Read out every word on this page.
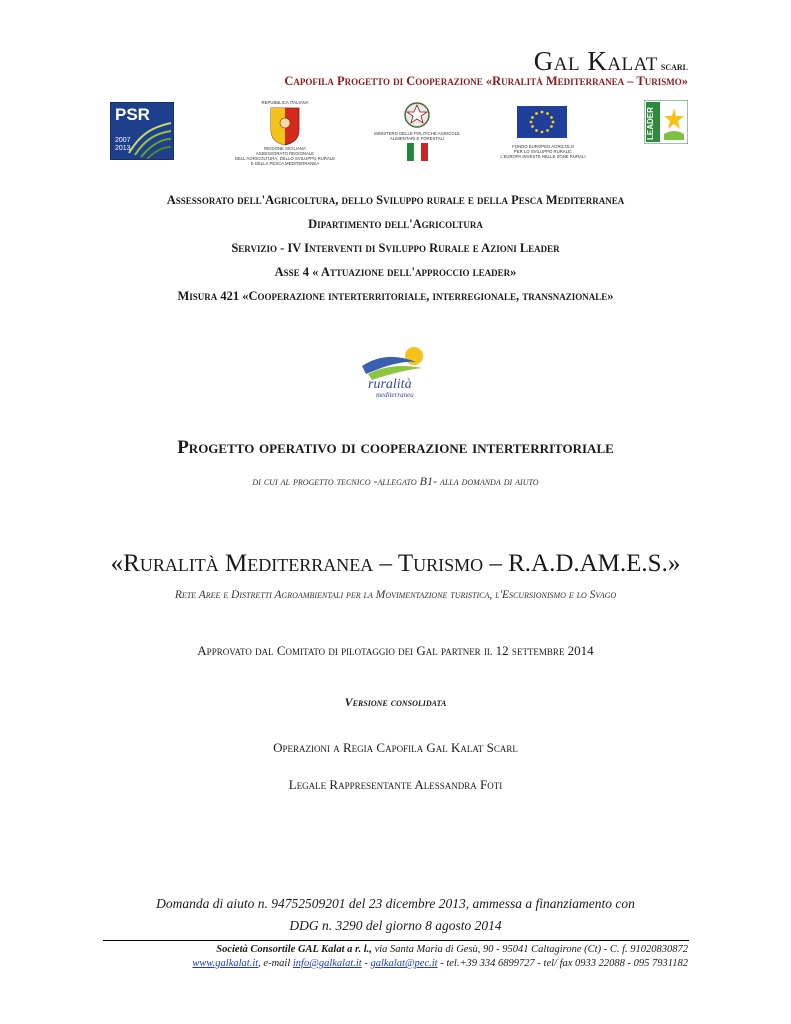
Gal Kalat scarl
Capofila Progetto di Cooperazione «Ruralità Mediterranea – Turismo»
PSR
2007
2013
REPUBBLICA ITALIANA
REGIONE SICILIANA
ASSESSORATO REGIONALE
DELL'AGRICOLTURA, DELLO SVILUPPO RURALE
E DELLA PESCA MEDITERRANEA
MINISTERO DELLE POLITICHE AGRICOLE
ALIMENTARI E FORESTALI
FONDO EUROPEO AGRICOLO
PER LO SVILUPPO RURALE:
L'EUROPA INVESTE NELLE ZONE RURALI
LEADER
Assessorato dell'Agricoltura, dello Sviluppo rurale e della Pesca Mediterranea
Dipartimento dell'Agricoltura
Servizio - IV Interventi di Sviluppo Rurale e Azioni Leader
Asse 4 « Attuazione dell'approccio leader»
Misura 421 «Cooperazione interterritoriale, interregionale, transnazionale»
ruralità
mediterranea
Progetto operativo di cooperazione interterritoriale
di cui al progetto tecnico -allegato B1- alla domanda di aiuto
«Ruralità Mediterranea – Turismo – R.A.D.AM.E.S.»
Rete Aree e Distretti Agroambientali per la Movimentazione turistica, l'Escursionismo e lo Svago
Approvato dal Comitato di pilotaggio dei Gal partner il 12 settembre 2014
Versione consolidata
Operazioni a Regia Capofila Gal Kalat Scarl
Legale Rappresentante Alessandra Foti
Domanda di aiuto n. 94752509201 del 23 dicembre 2013, ammessa a finanziamento con
DDG n. 3290 del giorno 8 agosto 2014
Società Consortile GAL Kalat a r. l., via Santa Maria di Gesù, 90 - 95041 Caltagirone (Ct) - C. f. 91020830872
www.galkalat.it, e-mail info@galkalat.it - galkalat@pec.it - tel.+39 334 6899727 - tel/ fax 0933 22088 - 095 7931182
